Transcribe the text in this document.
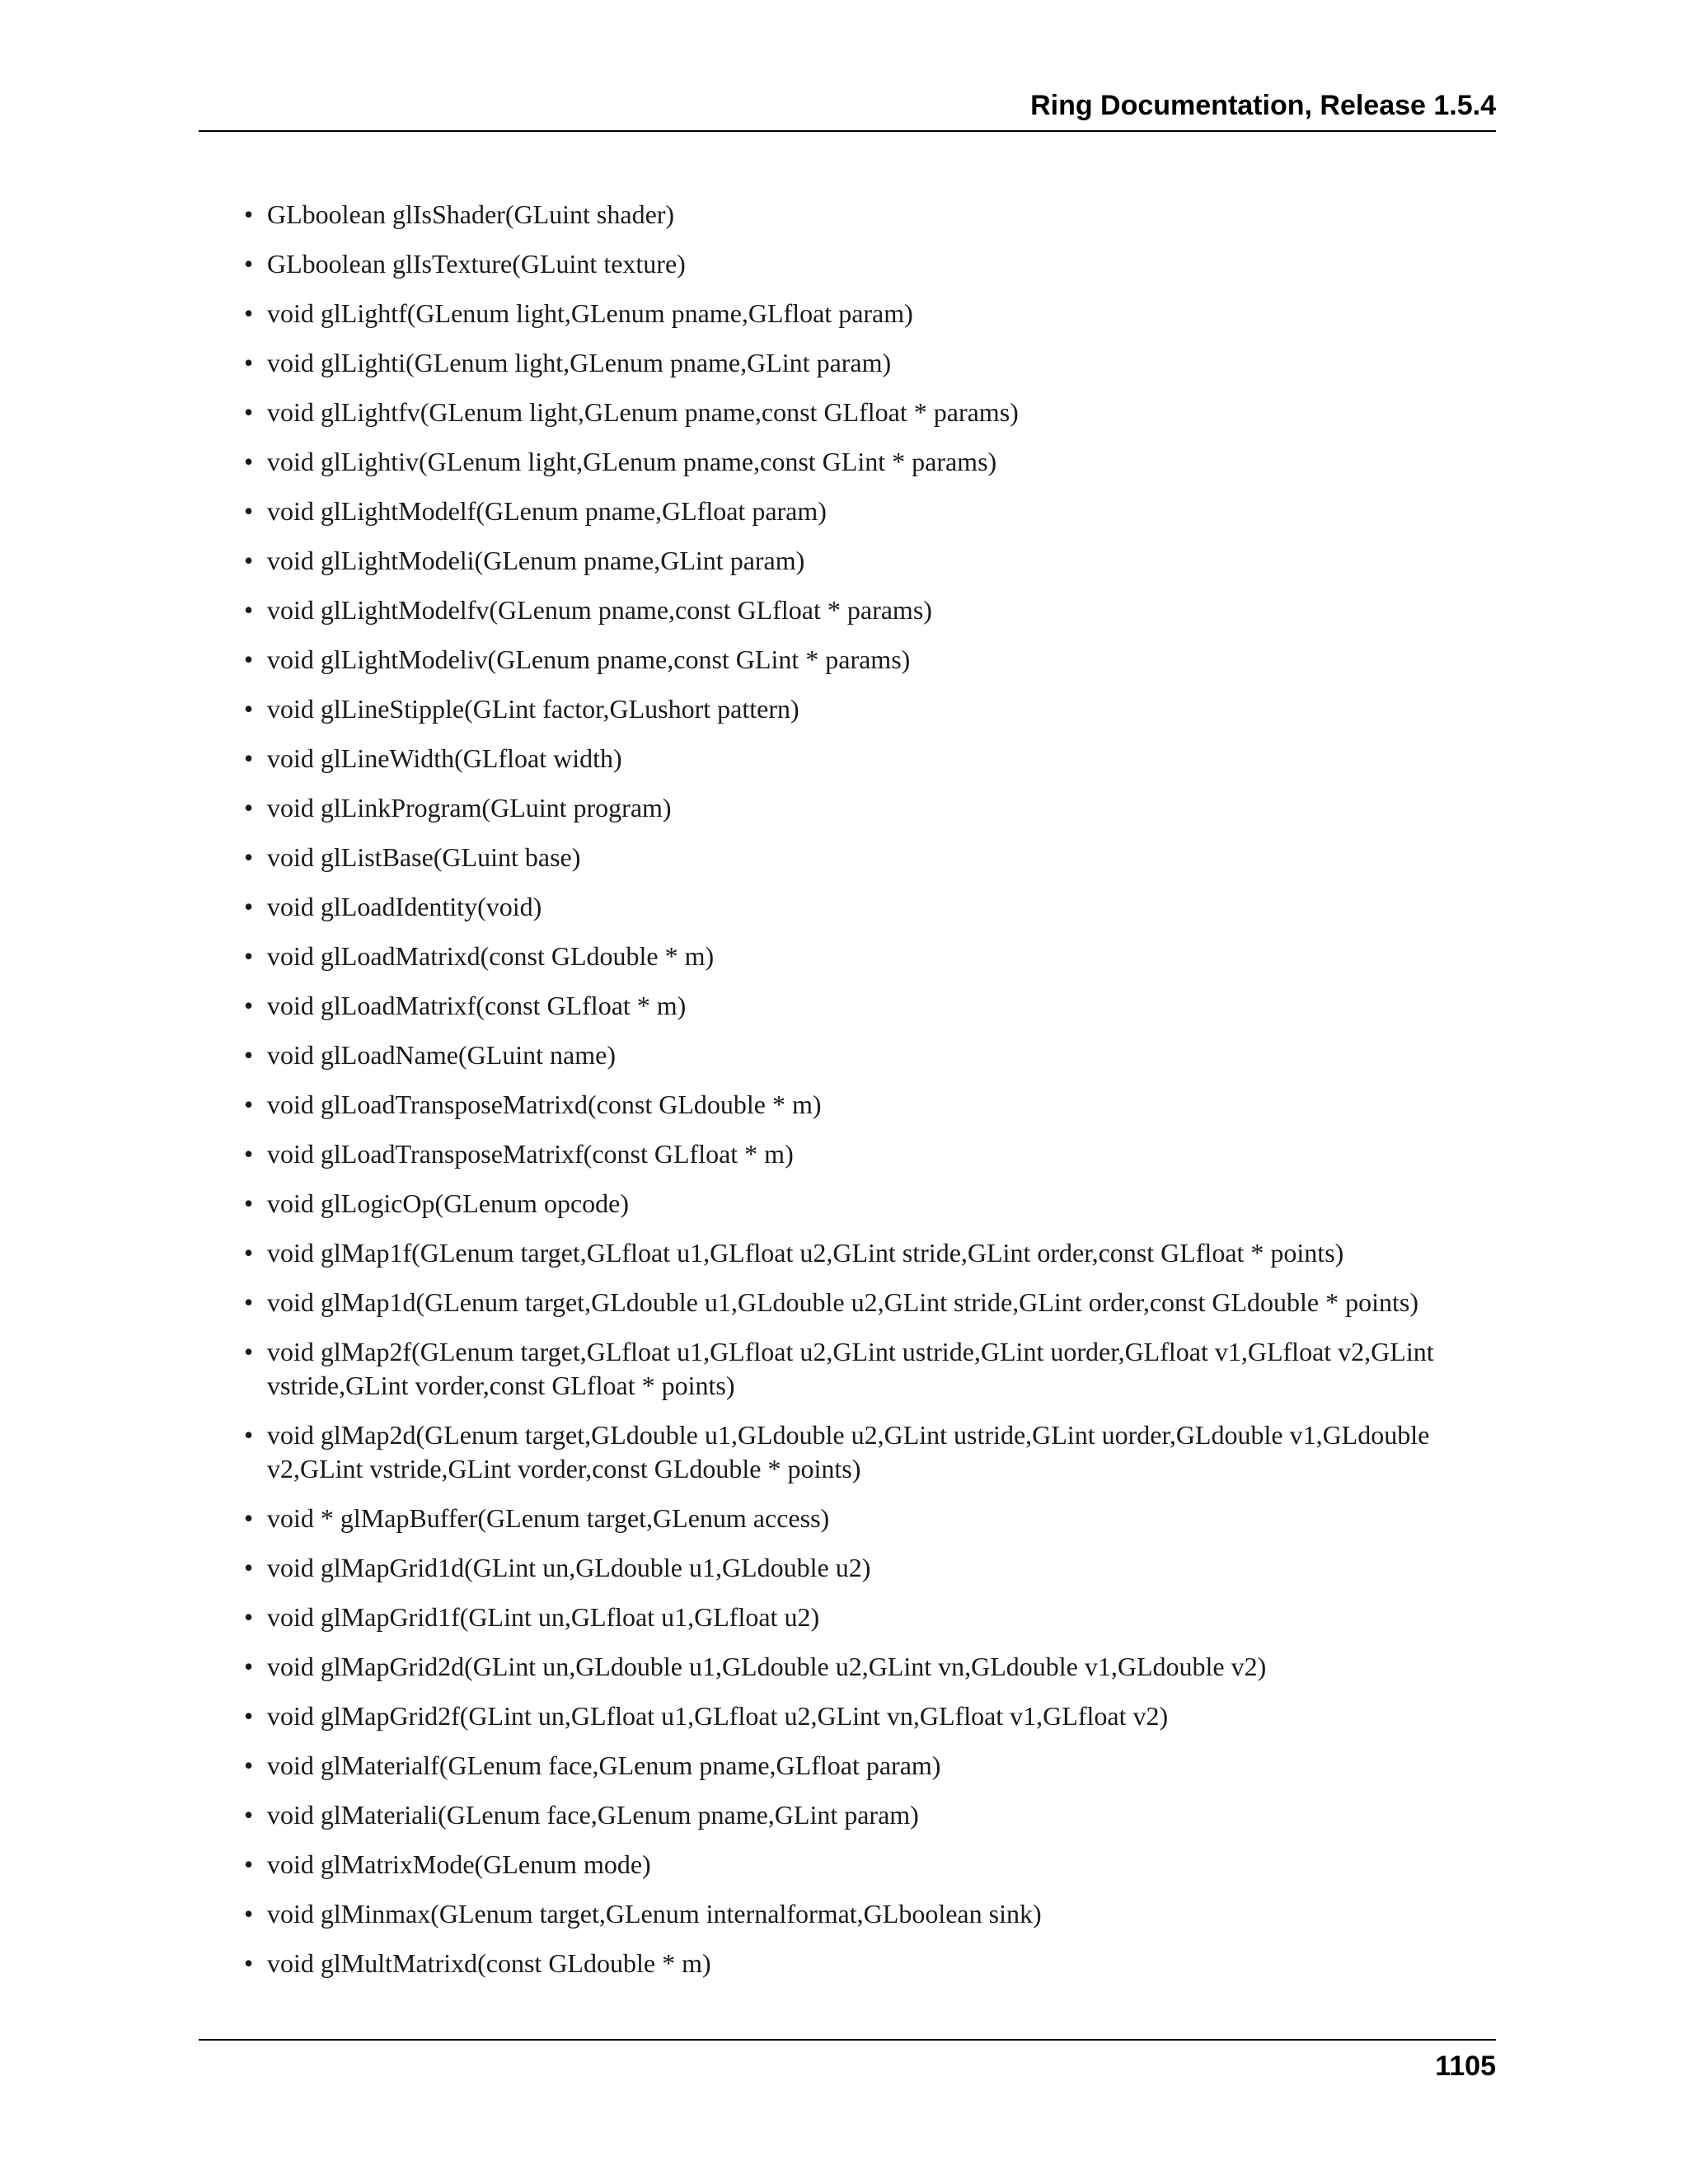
Ring Documentation, Release 1.5.4
• GLboolean glIsShader(GLuint shader)
• GLboolean glIsTexture(GLuint texture)
• void glLightf(GLenum light,GLenum pname,GLfloat param)
• void glLighti(GLenum light,GLenum pname,GLint param)
• void glLightfv(GLenum light,GLenum pname,const GLfloat * params)
• void glLightiv(GLenum light,GLenum pname,const GLint * params)
• void glLightModelf(GLenum pname,GLfloat param)
• void glLightModeli(GLenum pname,GLint param)
• void glLightModelfv(GLenum pname,const GLfloat * params)
• void glLightModeliv(GLenum pname,const GLint * params)
• void glLineStipple(GLint factor,GLushort pattern)
• void glLineWidth(GLfloat width)
• void glLinkProgram(GLuint program)
• void glListBase(GLuint base)
• void glLoadIdentity(void)
• void glLoadMatrixd(const GLdouble * m)
• void glLoadMatrixf(const GLfloat * m)
• void glLoadName(GLuint name)
• void glLoadTransposeMatrixd(const GLdouble * m)
• void glLoadTransposeMatrixf(const GLfloat * m)
• void glLogicOp(GLenum opcode)
• void glMap1f(GLenum target,GLfloat u1,GLfloat u2,GLint stride,GLint order,const GLfloat * points)
• void glMap1d(GLenum target,GLdouble u1,GLdouble u2,GLint stride,GLint order,const GLdouble * points)
• void glMap2f(GLenum target,GLfloat u1,GLfloat u2,GLint ustride,GLint uorder,GLfloat v1,GLfloat v2,GLint vstride,GLint vorder,const GLfloat * points)
• void glMap2d(GLenum target,GLdouble u1,GLdouble u2,GLint ustride,GLint uorder,GLdouble v1,GLdouble v2,GLint vstride,GLint vorder,const GLdouble * points)
• void * glMapBuffer(GLenum target,GLenum access)
• void glMapGrid1d(GLint un,GLdouble u1,GLdouble u2)
• void glMapGrid1f(GLint un,GLfloat u1,GLfloat u2)
• void glMapGrid2d(GLint un,GLdouble u1,GLdouble u2,GLint vn,GLdouble v1,GLdouble v2)
• void glMapGrid2f(GLint un,GLfloat u1,GLfloat u2,GLint vn,GLfloat v1,GLfloat v2)
• void glMaterialf(GLenum face,GLenum pname,GLfloat param)
• void glMateriali(GLenum face,GLenum pname,GLint param)
• void glMatrixMode(GLenum mode)
• void glMinmax(GLenum target,GLenum internalformat,GLboolean sink)
• void glMultMatrixd(const GLdouble * m)
1105
